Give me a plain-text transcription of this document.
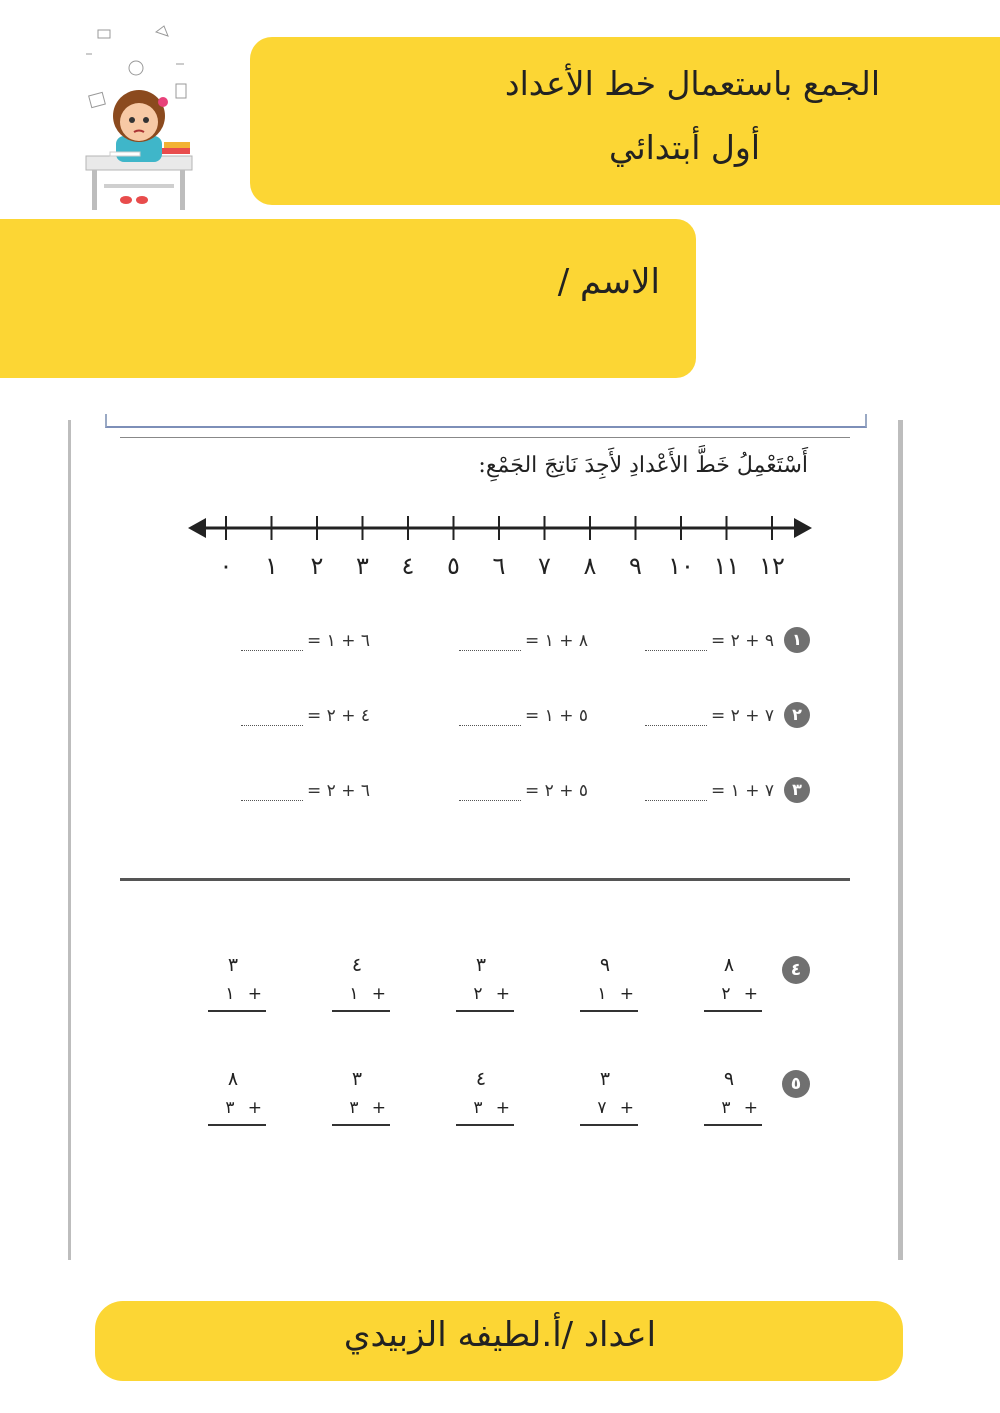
الجمع باستعمال خط الأعداد
أول أبتدائي
الاسم /
أَسْتَعْمِلُ خَطَّ الأَعْدادِ لأَجِدَ نَاتِجَ الجَمْعِ:
٠ ١ ٢ ٣ ٤ ٥ ٦ ٧ ٨ ٩ ١٠ ١١ ١٢
١
٩ + ٢ =
٨ + ١ =
٦ + ١ =
٢
٧ + ٢ =
٥ + ١ =
٤ + ٢ =
٣
٧ + ١ =
٥ + ٢ =
٦ + ٢ =
٤
٨
٢ +
٩
١ +
٣
٢ +
٤
١ +
٣
١ +
٥
٩
٣ +
٣
٧ +
٤
٣ +
٣
٣ +
٨
٣ +
اعداد /أ.لطيفه الزبيدي
